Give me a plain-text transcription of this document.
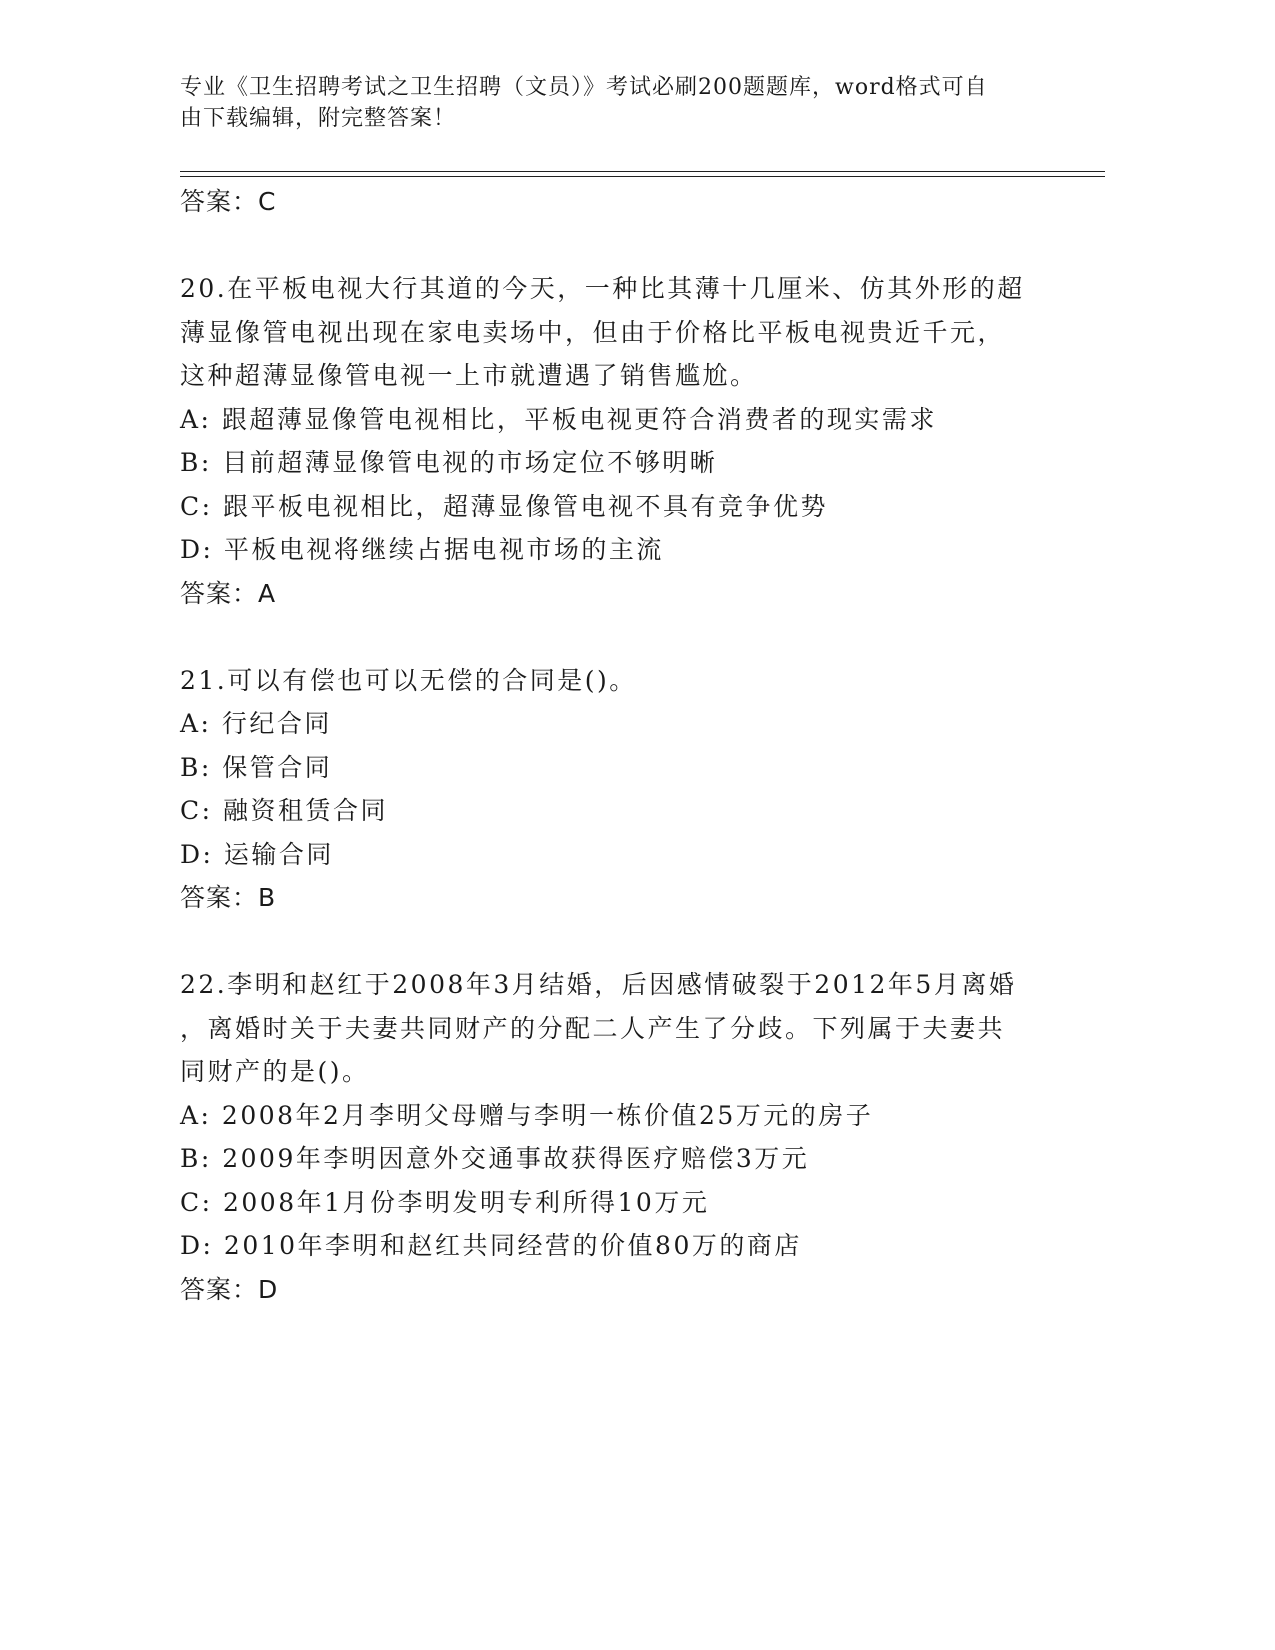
专业《卫生招聘考试之卫生招聘（文员）》考试必刷200题题库，word格式可自
由下载编辑，附完整答案！
答案：C
20.在平板电视大行其道的今天，一种比其薄十几厘米、仿其外形的超
薄显像管电视出现在家电卖场中，但由于价格比平板电视贵近千元，
这种超薄显像管电视一上市就遭遇了销售尴尬。
A: 跟超薄显像管电视相比，平板电视更符合消费者的现实需求
B: 目前超薄显像管电视的市场定位不够明晰
C: 跟平板电视相比，超薄显像管电视不具有竞争优势
D: 平板电视将继续占据电视市场的主流
答案：A
21.可以有偿也可以无偿的合同是()。
A: 行纪合同
B: 保管合同
C: 融资租赁合同
D: 运输合同
答案：B
22.李明和赵红于2008年3月结婚，后因感情破裂于2012年5月离婚
，离婚时关于夫妻共同财产的分配二人产生了分歧。下列属于夫妻共
同财产的是()。
A: 2008年2月李明父母赠与李明一栋价值25万元的房子
B: 2009年李明因意外交通事故获得医疗赔偿3万元
C: 2008年1月份李明发明专利所得10万元
D: 2010年李明和赵红共同经营的价值80万的商店
答案：D
